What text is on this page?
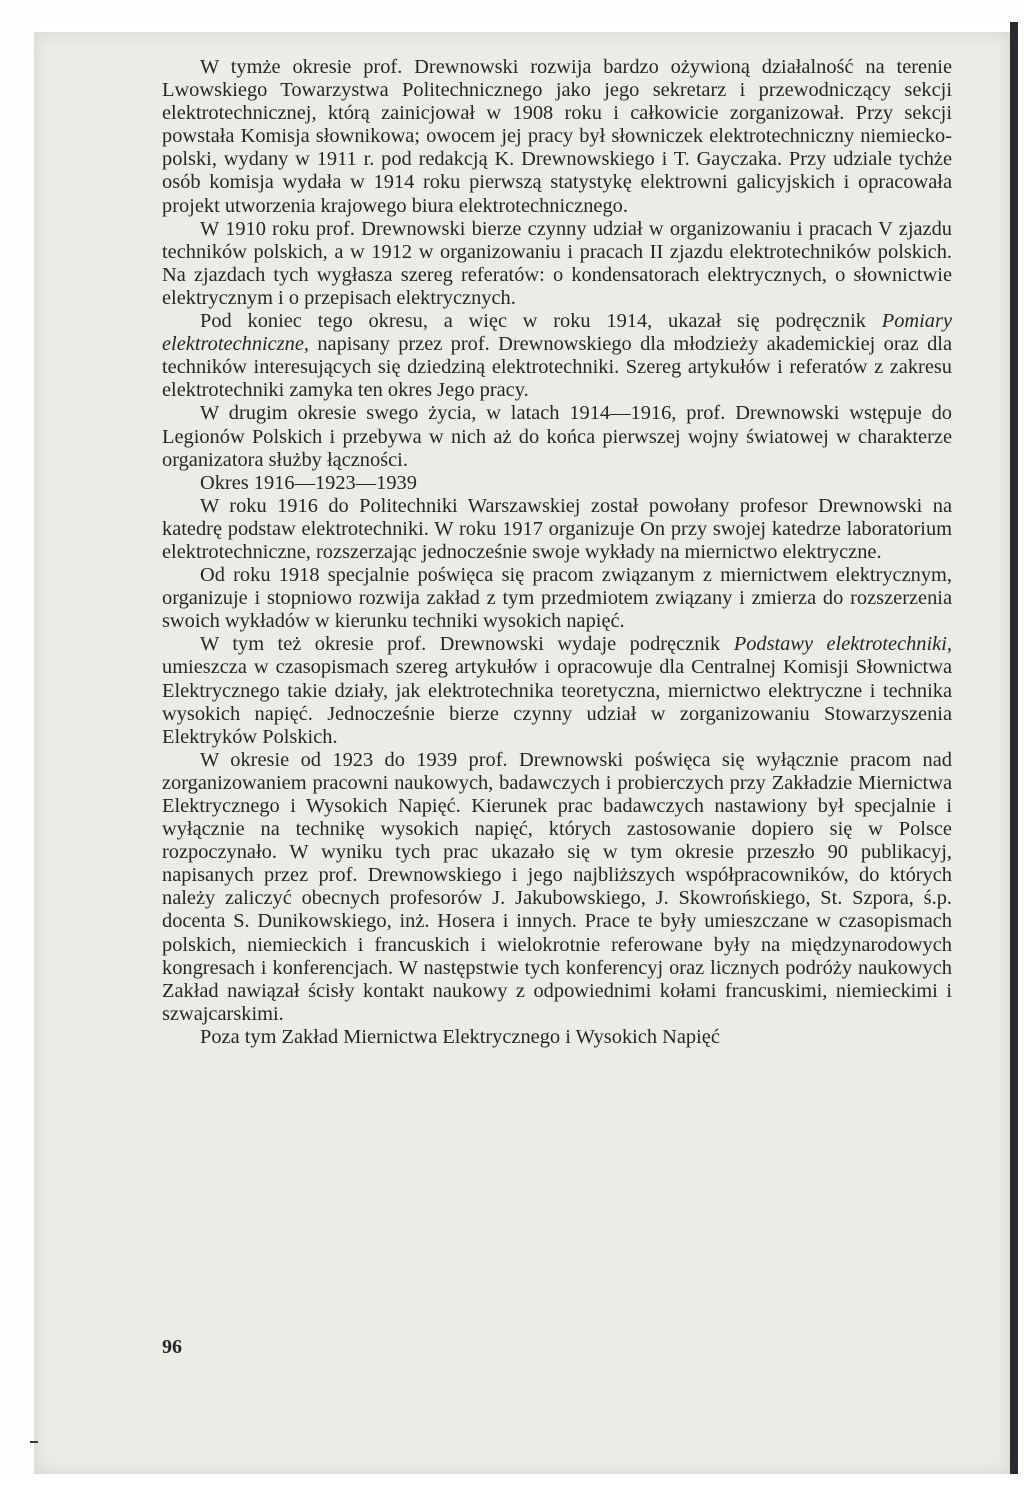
W tymże okresie prof. Drewnowski rozwija bardzo ożywioną działalność na terenie Lwowskiego Towarzystwa Politechnicznego jako jego sekretarz i przewodniczący sekcji elektrotechnicznej, którą zainicjował w 1908 roku i całkowicie zorganizował. Przy sekcji powstała Komisja słownikowa; owocem jej pracy był słowniczek elektrotechniczny niemiecko-polski, wydany w 1911 r. pod redakcją K. Drewnowskiego i T. Gayczaka. Przy udziale tychże osób komisja wydała w 1914 roku pierwszą statystykę elektrowni galicyjskich i opracowała projekt utworzenia krajowego biura elektrotechnicznego.

W 1910 roku prof. Drewnowski bierze czynny udział w organizowaniu i pracach V zjazdu techników polskich, a w 1912 w organizowaniu i pracach II zjazdu elektrotechników polskich. Na zjazdach tych wygłasza szereg referatów: o kondensatorach elektrycznych, o słownictwie elektrycznym i o przepisach elektrycznych.

Pod koniec tego okresu, a więc w roku 1914, ukazał się podręcznik Pomiary elektrotechniczne, napisany przez prof. Drewnowskiego dla młodzieży akademickiej oraz dla techników interesujących się dziedziną elektrotechniki. Szereg artykułów i referatów z zakresu elektrotechniki zamyka ten okres Jego pracy.

W drugim okresie swego życia, w latach 1914—1916, prof. Drewnowski wstępuje do Legionów Polskich i przebywa w nich aż do końca pierwszej wojny światowej w charakterze organizatora służby łączności.

Okres 1916—1923—1939

W roku 1916 do Politechniki Warszawskiej został powołany profesor Drewnowski na katedrę podstaw elektrotechniki. W roku 1917 organizuje On przy swojej katedrze laboratorium elektrotechniczne, rozszerzając jednocześnie swoje wykłady na miernictwo elektryczne.

Od roku 1918 specjalnie poświęca się pracom związanym z miernictwem elektrycznym, organizuje i stopniowo rozwija zakład z tym przedmiotem związany i zmierza do rozszerzenia swoich wykładów w kierunku techniki wysokich napięć.

W tym też okresie prof. Drewnowski wydaje podręcznik Podstawy elektrotechniki, umieszcza w czasopismach szereg artykułów i opracowuje dla Centralnej Komisji Słownictwa Elektrycznego takie działy, jak elektrotechnika teoretyczna, miernictwo elektryczne i technika wysokich napięć. Jednocześnie bierze czynny udział w zorganizowaniu Stowarzyszenia Elektryków Polskich.

W okresie od 1923 do 1939 prof. Drewnowski poświęca się wyłącznie pracom nad zorganizowaniem pracowni naukowych, badawczych i probierczych przy Zakładzie Miernictwa Elektrycznego i Wysokich Napięć. Kierunek prac badawczych nastawiony był specjalnie i wyłącznie na technikę wysokich napięć, których zastosowanie dopiero się w Polsce rozpoczynało. W wyniku tych prac ukazało się w tym okresie przeszło 90 publikacyj, napisanych przez prof. Drewnowskiego i jego najbliższych współpracowników, do których należy zaliczyć obecnych profesorów J. Jakubowskiego, J. Skowrońskiego, St. Szpora, ś.p. docenta S. Dunikowskiego, inż. Hosera i innych. Prace te były umieszczane w czasopismach polskich, niemieckich i francuskich i wielokrotnie referowane były na międzynarodowych kongresach i konferencjach. W następstwie tych konferencyj oraz licznych podróży naukowych Zakład nawiązał ścisły kontakt naukowy z odpowiednimi kołami francuskimi, niemieckimi i szwajcarskimi.

Poza tym Zakład Miernictwa Elektrycznego i Wysokich Napięć

96
